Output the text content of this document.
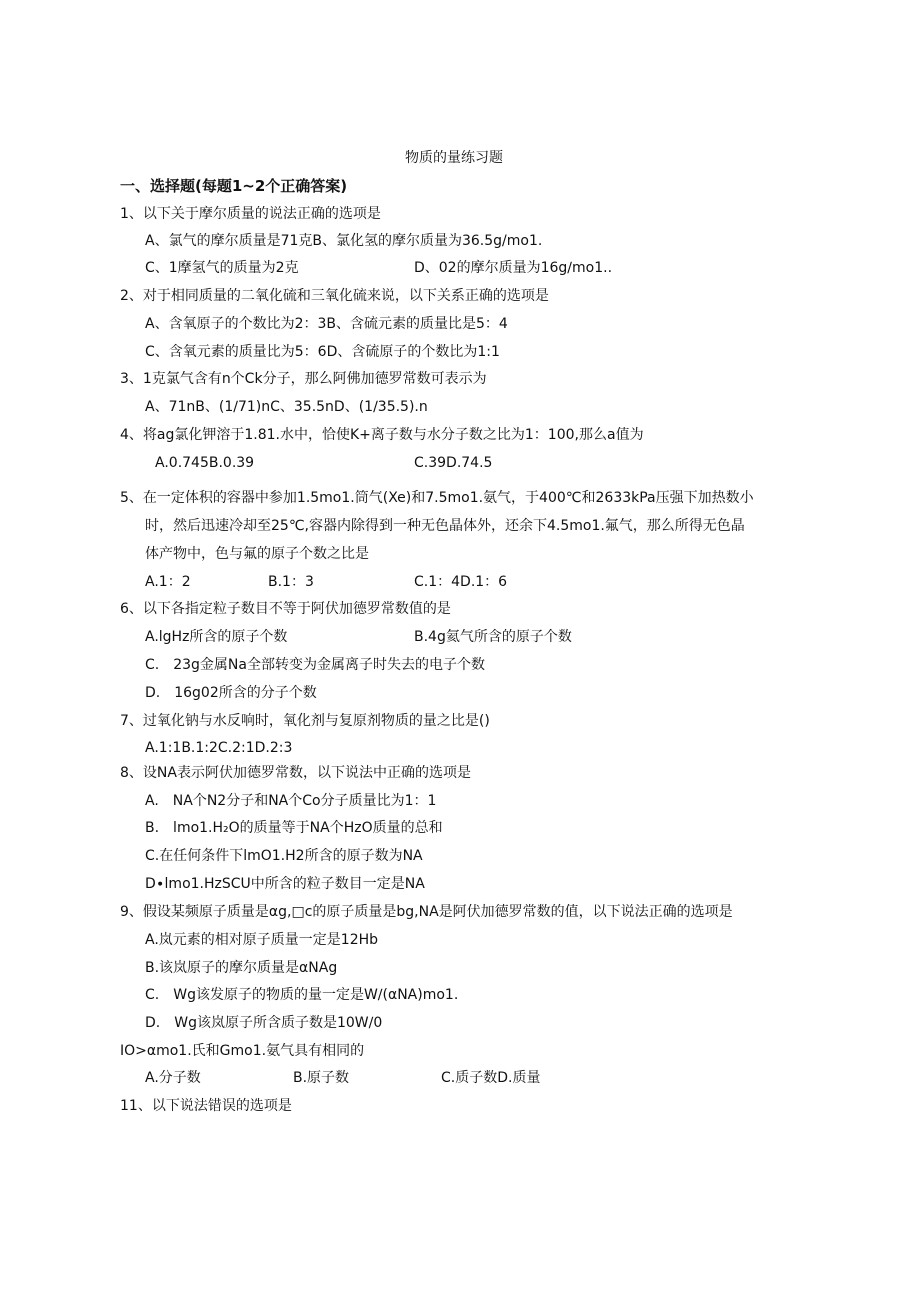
物质的量练习题
一、选择题(每题1~2个正确答案)
1、以下关于摩尔质量的说法正确的选项是
A、氯气的摩尔质量是71克B、氯化氢的摩尔质量为36.5g/mo1.
C、1摩氢气的质量为2克	D、02的摩尔质量为16g∕mo1..
2、对于相同质量的二氧化硫和三氧化硫来说，以下关系正确的选项是
A、含氧原子的个数比为2：3B、含硫元素的质量比是5：4
C、含氧元素的质量比为5：6D、含硫原子的个数比为1:1
3、1克氯气含有n个Ck分子，那么阿佛加德罗常数可表示为
A、71nB、(1∕71)nC、35.5nD、(1∕35.5).n
4、将ag氯化钾溶于1.81.水中，恰使K+离子数与水分子数之比为1：100,那么a值为
A.0.745B.0.39	C.39D.74.5
5、在一定体积的容器中参加1.5mo1.筒气(Xe)和7.5mo1.氨气，于400℃和2633kPa压强下加热数小
时，然后迅速冷却至25℃,容器内除得到一种无色晶体外，还余下4.5mo1.氟气，那么所得无色晶
体产物中，色与氟的原子个数之比是
A.1：2	B.1：3	C.1：4D.1：6
6、以下各指定粒子数目不等于阿伏加德罗常数值的是
A.lgHz所含的原子个数	B.4g氦气所含的原子个数
C.　23g金属Na全部转变为金属离子时失去的电子个数
D.　16g02所含的分子个数
7、过氧化钠与水反响时，氧化剂与复原剂物质的量之比是()
A.1:1B.1:2C.2:1D.2:3
8、设NA表示阿伏加德罗常数，以下说法中正确的选项是
A.　NA个N2分子和NA个Co分子质量比为1：1
B.　lmo1.H₂O的质量等于NA个HzO质量的总和
C.在任何条件下lmO1.H2所含的原子数为NA
D∙lmo1.HzSCU中所含的粒子数目一定是NA
9、假设某频原子质量是αg,□c的原子质量是bg,NA是阿伏加德罗常数的值，以下说法正确的选项是
A.岚元素的相对原子质量一定是12Hb
B.该岚原子的摩尔质量是αNAg
C.　Wg该发原子的物质的量一定是W∕(αNA)mo1.
D.　Wg该岚原子所含质子数是10W∕0
IO>αmo1.氏和Gmo1.氨气具有相同的
A.分子数	B.原子数	C.质子数D.质量
11、以下说法错误的选项是
